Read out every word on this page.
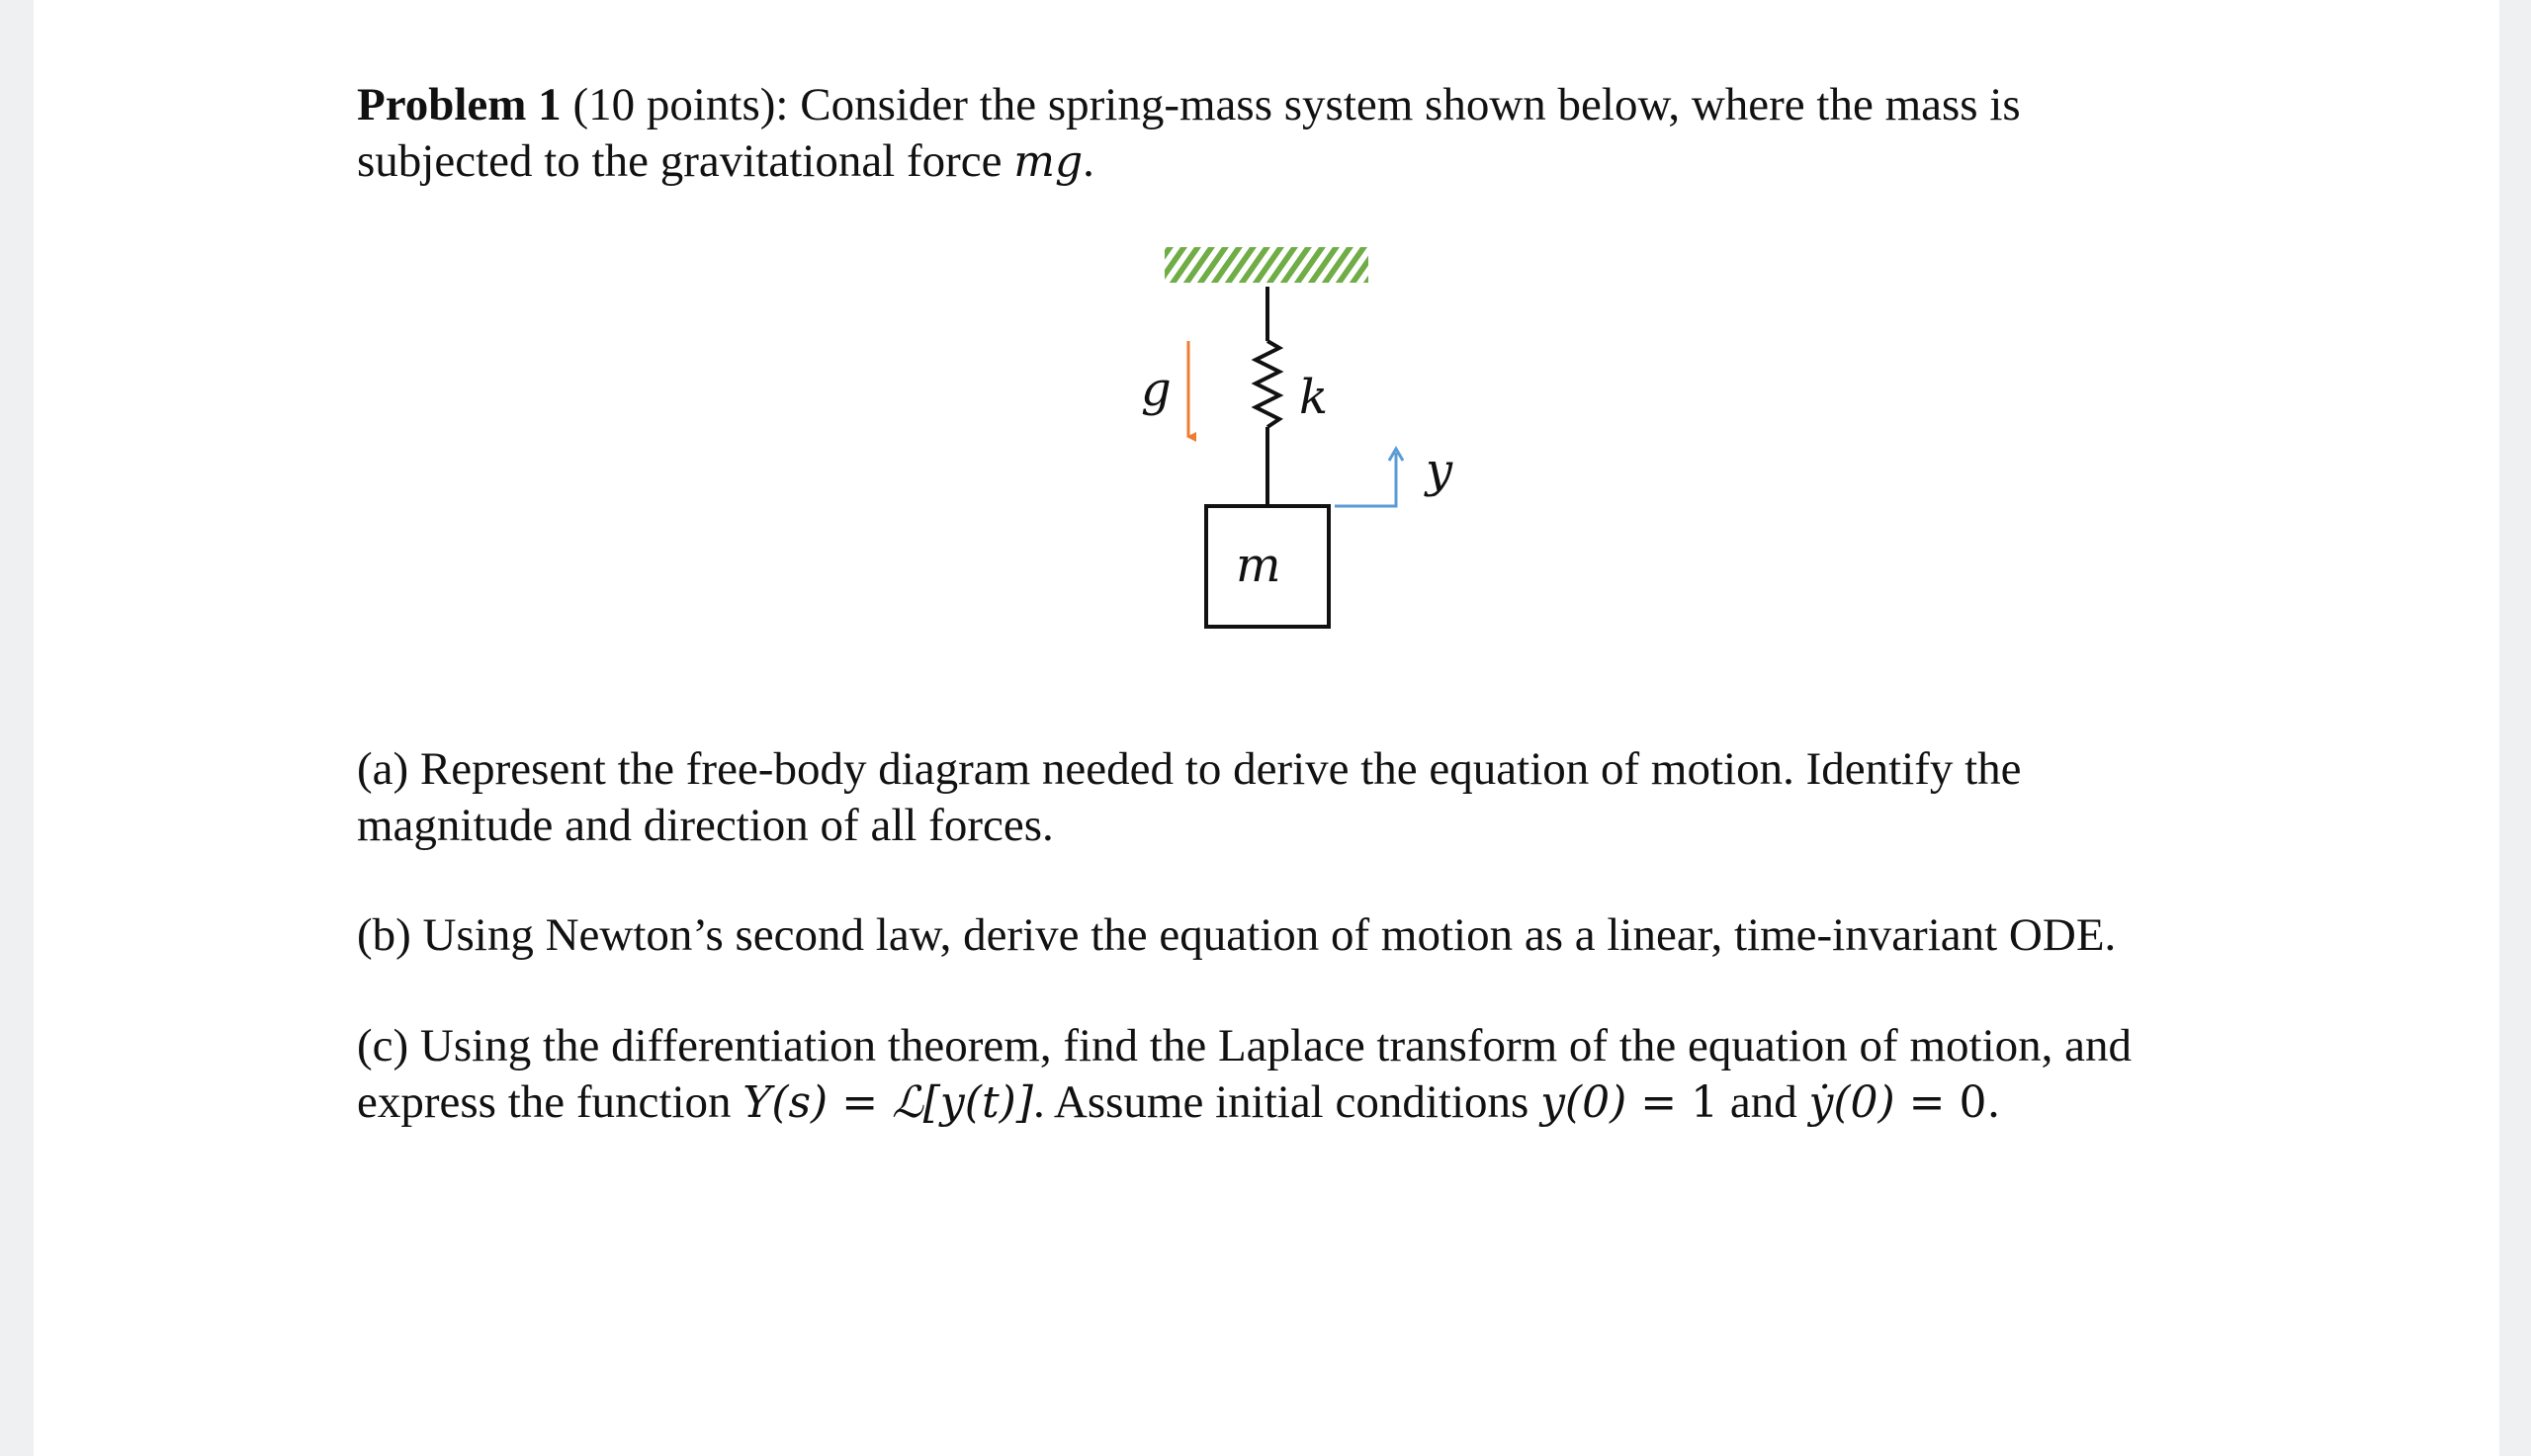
Problem 1 (10 points): Consider the spring-mass system shown below, where the mass is
subjected to the gravitational force mg.
g	k
y
m
(a) Represent the free-body diagram needed to derive the equation of motion. Identify the
magnitude and direction of all forces.
(b) Using Newton’s second law, derive the equation of motion as a linear, time-invariant ODE.
(c) Using the differentiation theorem, find the Laplace transform of the equation of motion, and
express the function Y(s) = ℒ[y(t)]. Assume initial conditions y(0) = 1 and ẏ(0) = 0.
